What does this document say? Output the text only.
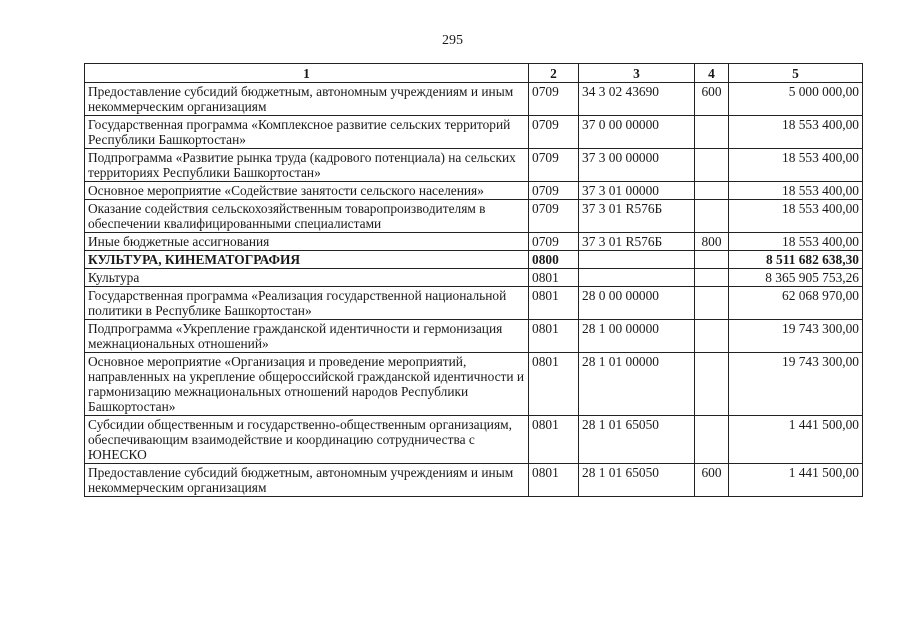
295
1	2	3	4	5
Предоставление субсидий бюджетным, автономным учреждениям и иным некоммерческим организациям	0709	34 3 02 43690	600	5 000 000,00
Государственная программа «Комплексное развитие сельских территорий Республики Башкортостан»	0709	37 0 00 00000		18 553 400,00
Подпрограмма «Развитие рынка труда (кадрового потенциала) на сельских территориях Республики Башкортостан»	0709	37 3 00 00000		18 553 400,00
Основное мероприятие «Содействие занятости сельского населения»	0709	37 3 01 00000		18 553 400,00
Оказание содействия сельскохозяйственным товаропроизводителям в обеспечении квалифицированными специалистами	0709	37 3 01 R576Б		18 553 400,00
Иные бюджетные ассигнования	0709	37 3 01 R576Б	800	18 553 400,00
КУЛЬТУРА, КИНЕМАТОГРАФИЯ	0800			8 511 682 638,30
Культура	0801			8 365 905 753,26
Государственная программа «Реализация государственной национальной политики в Республике Башкортостан»	0801	28 0 00 00000		62 068 970,00
Подпрограмма «Укрепление гражданской идентичности и гермонизация межнациональных отношений»	0801	28 1 00 00000		19 743 300,00
Основное мероприятие «Организация и проведение мероприятий, направленных на укрепление общероссийской гражданской идентичности и гармонизацию межнациональных отношений народов Республики Башкортостан»	0801	28 1 01 00000		19 743 300,00
Субсидии общественным и государственно-общественным организациям, обеспечивающим взаимодействие и координацию сотрудничества с ЮНЕСКО	0801	28 1 01 65050		1 441 500,00
Предоставление субсидий бюджетным, автономным учреждениям и иным некоммерческим организациям	0801	28 1 01 65050	600	1 441 500,00
